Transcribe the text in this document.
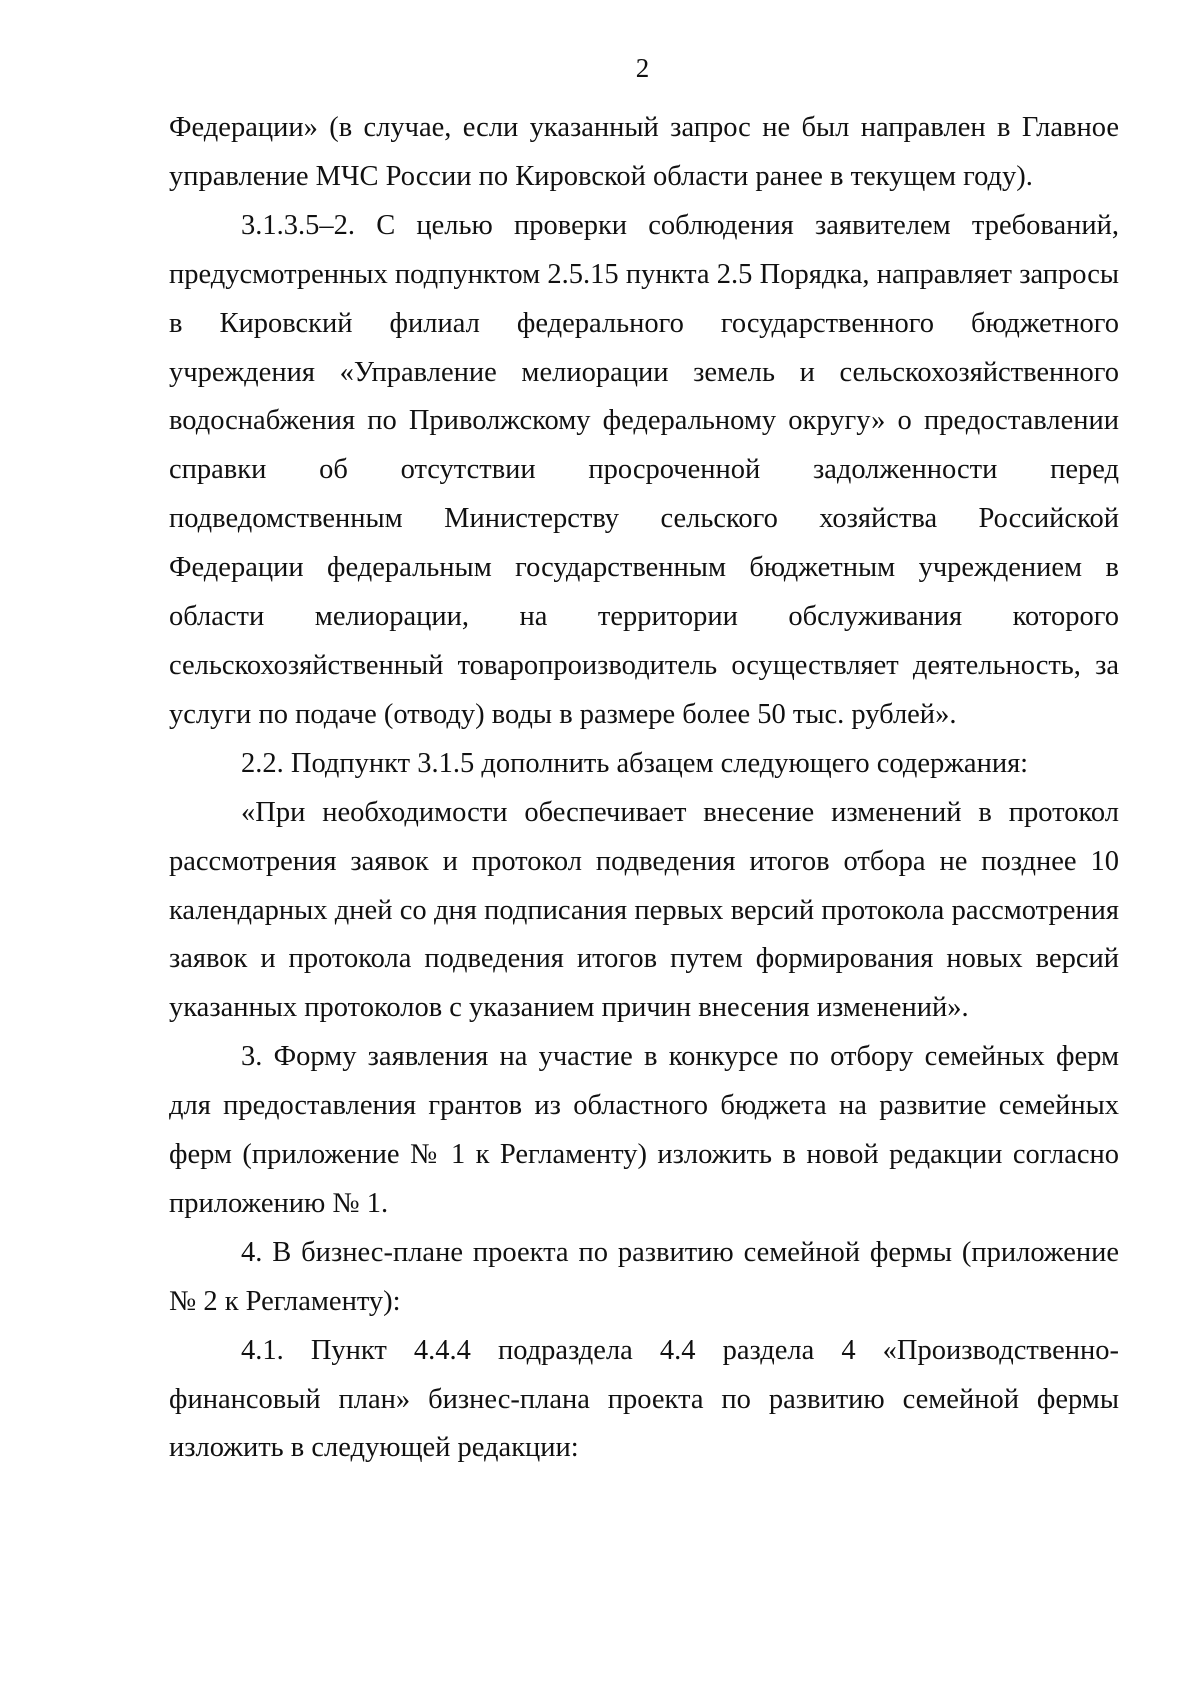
2

Федерации» (в случае, если указанный запрос не был направлен в Главное управление МЧС России по Кировской области ранее в текущем году).

3.1.3.5–2. С целью проверки соблюдения заявителем требований, предусмотренных подпунктом 2.5.15 пункта 2.5 Порядка, направляет запросы в Кировский филиал федерального государственного бюджетного учреждения «Управление мелиорации земель и сельскохозяйственного водоснабжения по Приволжскому федеральному округу» о предоставлении справки об отсутствии просроченной задолженности перед подведомственным Министерству сельского хозяйства Российской Федерации федеральным государственным бюджетным учреждением в области мелиорации, на территории обслуживания которого сельскохозяйственный товаропроизводитель осуществляет деятельность, за услуги по подаче (отводу) воды в размере более 50 тыс. рублей».

2.2. Подпункт 3.1.5 дополнить абзацем следующего содержания:

«При необходимости обеспечивает внесение изменений в протокол рассмотрения заявок и протокол подведения итогов отбора не позднее 10 календарных дней со дня подписания первых версий протокола рассмотрения заявок и протокола подведения итогов путем формирования новых версий указанных протоколов с указанием причин внесения изменений».

3. Форму заявления на участие в конкурсе по отбору семейных ферм для предоставления грантов из областного бюджета на развитие семейных ферм (приложение № 1 к Регламенту) изложить в новой редакции согласно приложению № 1.

4. В бизнес-плане проекта по развитию семейной фермы (приложение № 2 к Регламенту):

4.1. Пункт 4.4.4 подраздела 4.4 раздела 4 «Производственно-финансовый план» бизнес-плана проекта по развитию семейной фермы изложить в следующей редакции:
